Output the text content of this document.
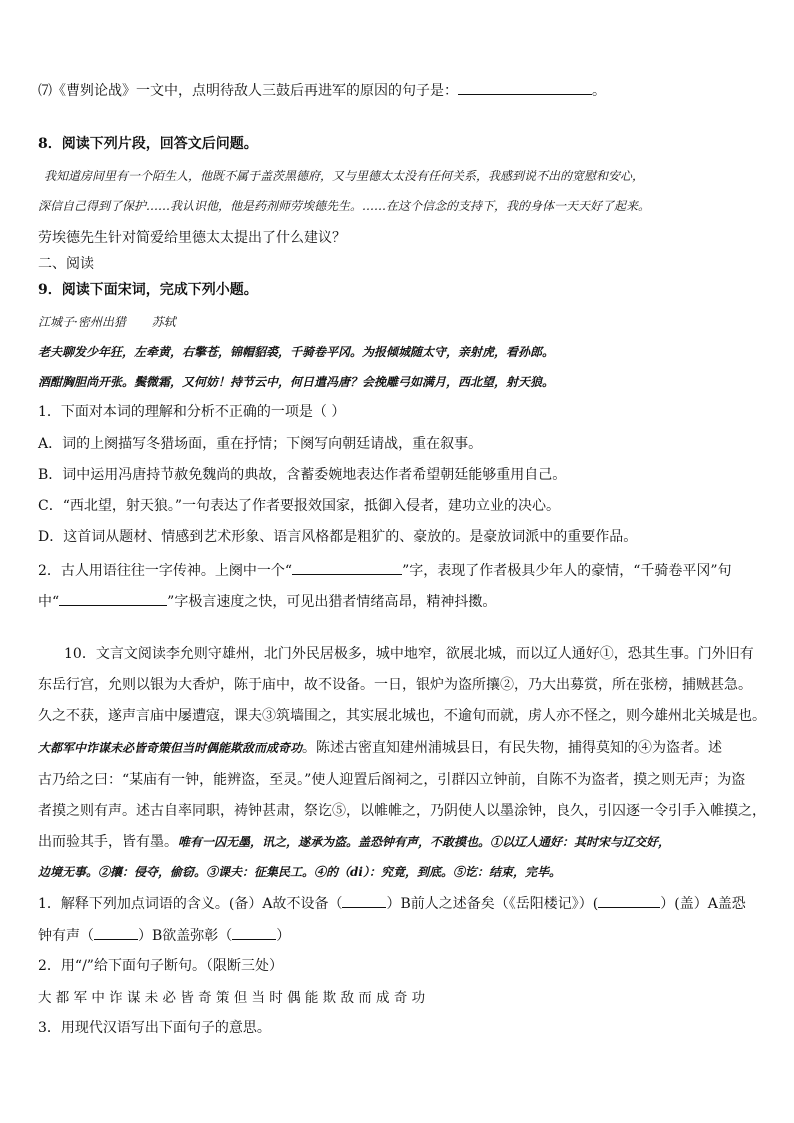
⑺《曹刿论战》一文中，点明待敌人三鼓后再进军的原因的句子是：	。
8．阅读下列片段，回答文后问题。
我知道房间里有一个陌生人，他既不属于盖茨黑德府，又与里德太太没有任何关系，我感到说不出的宽慰和安心，
深信自己得到了保护……我认识他，他是药剂师劳埃德先生。……在这个信念的支持下，我的身体一天天好了起来。
劳埃德先生针对简爱给里德太太提出了什么建议？
二、阅读
9．阅读下面宋词，完成下列小题。
江城子·密州出猎 苏轼
老夫聊发少年狂，左牵黄，右擎苍，锦帽貂裘，千骑卷平冈。为报倾城随太守，亲射虎，看孙郎。
酒酣胸胆尚开张。鬓微霜，又何妨！持节云中，何日遣冯唐？会挽雕弓如满月，西北望，射天狼。
1．下面对本词的理解和分析不正确的一项是（ ）
A．词的上阕描写冬猎场面，重在抒情；下阕写向朝廷请战，重在叙事。
B．词中运用冯唐持节赦免魏尚的典故，含蓄委婉地表达作者希望朝廷能够重用自己。
C．“西北望，射天狼。”一句表达了作者要报效国家，抵御入侵者，建功立业的决心。
D．这首词从题材、情感到艺术形象、语言风格都是粗犷的、豪放的。是豪放词派中的重要作品。
2．古人用语往往一字传神。上阕中一个“	”字，表现了作者极具少年人的豪情，“千骑卷平冈”句
中“	”字极言速度之快，可见出猎者情绪高昂，精神抖擞。
10．文言文阅读李允则守雄州，北门外民居极多，城中地窄，欲展北城，而以辽人通好①，恐其生事。门外旧有
东岳行宫，允则以银为大香炉，陈于庙中，故不设备。一日，银炉为盗所攘②，乃大出募赏，所在张榜，捕贼甚急。
久之不获，遂声言庙中屡遭寇，课夫③筑墙围之，其实展北城也，不逾旬而就，虏人亦不怪之，则今雄州北关城是也。
大都军中诈谋未必皆奇策但当时偶能欺敌而成奇功。陈述古密直知建州浦城县日，有民失物，捕得莫知的④为盗者。述
古乃给之曰：“某庙有一钟，能辨盗，至灵。”使人迎置后阁祠之，引群囚立钟前，自陈不为盗者，摸之则无声；为盗
者摸之则有声。述古自率同职，祷钟甚肃，祭讫⑤，以帷帷之，乃阴使人以墨涂钟，良久，引囚逐一令引手入帷摸之，
出而验其手，皆有墨。唯有一囚无墨，讯之，遂承为盗。盖恐钟有声，不敢摸也。①以辽人通好：其时宋与辽交好，
边境无事。②攘：侵夺，偷窃。③课夫：征集民工。④的（di）：究竟，到底。⑤讫：结束，完毕。
1．解释下列加点词语的含义。(备）A故不设备（	）B前人之述备矣（《岳阳楼记》）(	）(盖）A盖恐
钟有声（	）B欲盖弥彰（	）
2．用“/”给下面句子断句。（限断三处）
大 都 军 中 诈 谋 未 必 皆 奇 策 但 当 时 偶 能 欺 敌 而 成 奇 功
3．用现代汉语写出下面句子的意思。
